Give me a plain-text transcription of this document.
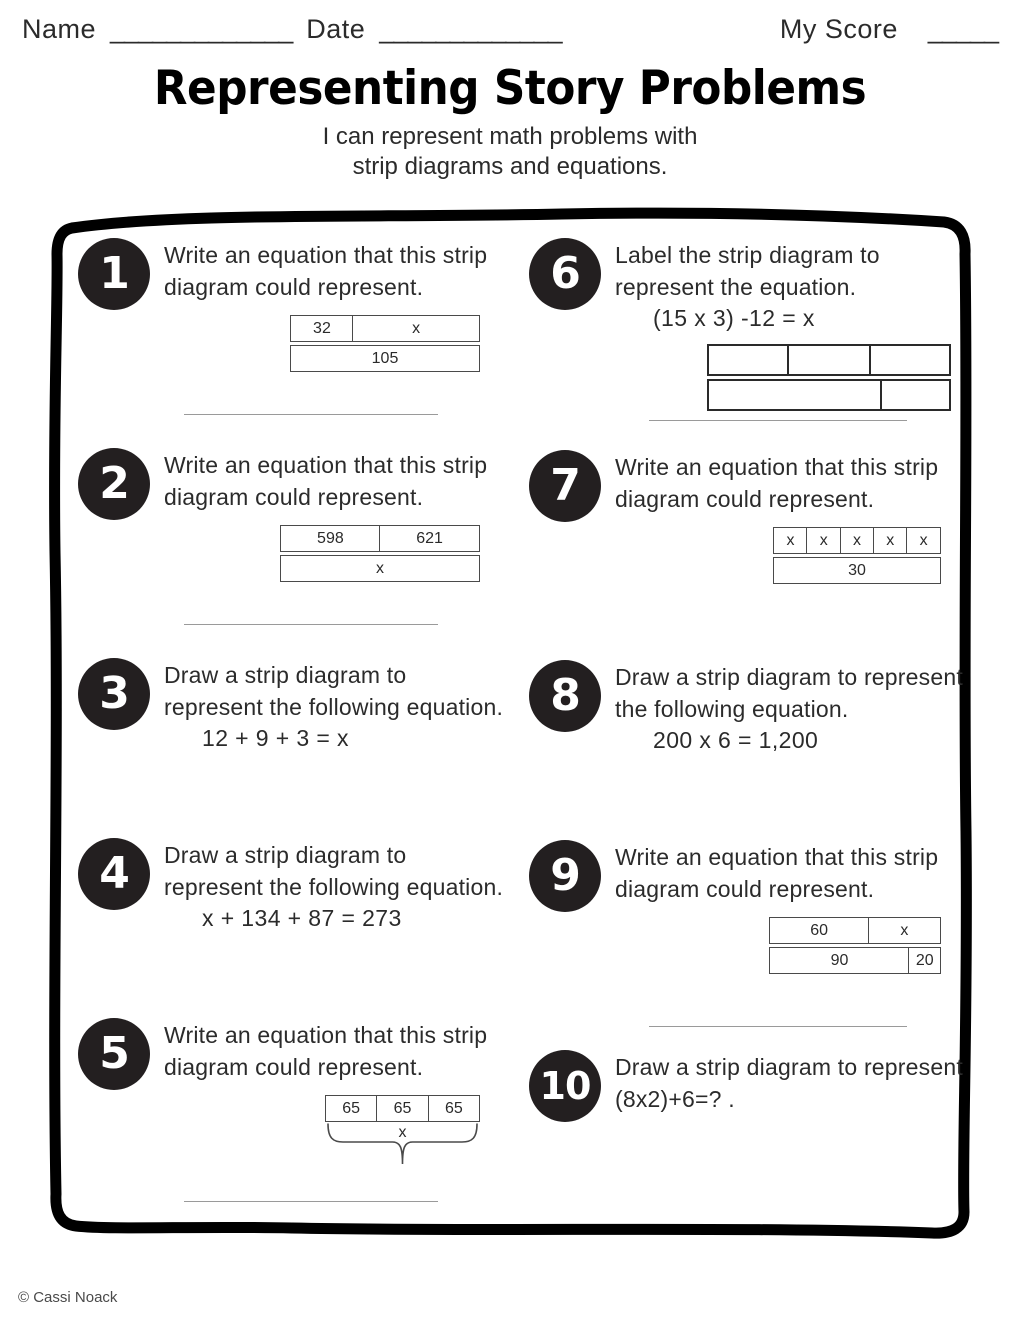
Name _____________ Date _____________	My Score _____
Representing Story Problems
I can represent math problems with
strip diagrams and equations.
1 Write an equation that this strip diagram could represent.
32	x
105
2 Write an equation that this strip diagram could represent.
598	621
x
3 Draw a strip diagram to represent the following equation.
12 + 9 + 3 = x
4 Draw a strip diagram to represent the following equation.
x + 134 + 87 = 273
5 Write an equation that this strip diagram could represent.
65 65 65
x
6 Label the strip diagram to represent the equation.
(15 x 3) -12 = x
7 Write an equation that this strip diagram could represent.
x x x x x
30
8 Draw a strip diagram to represent the following equation.
200 x 6 = 1,200
9 Write an equation that this strip diagram could represent.
60	x
90	20
10 Draw a strip diagram to represent (8x2)+6=? .
© Cassi Noack
